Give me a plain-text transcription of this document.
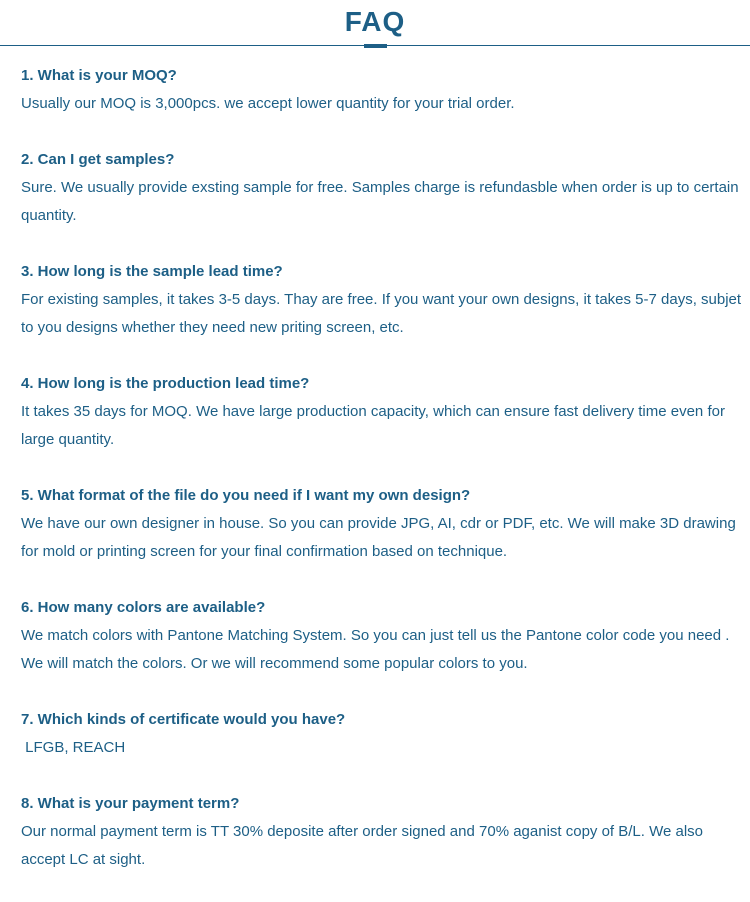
FAQ
1. What is your MOQ?
Usually our MOQ is 3,000pcs. we accept lower quantity for your trial order.
2. Can I get samples?
Sure. We usually provide exsting sample for free. Samples charge is refundasble when order is up to certain quantity.
3. How long is the sample lead time?
For existing samples, it takes 3-5 days. Thay are free. If you want your own designs, it takes 5-7 days, subjet to you designs whether they need new priting screen, etc.
4. How long is the production lead time?
It takes 35 days for MOQ. We have large production capacity, which can ensure fast delivery time even for large quantity.
5. What format of the file do you need if I want my own design?
We have our own designer in house. So you can provide JPG, AI, cdr or PDF, etc. We will make 3D drawing for mold or printing screen for your final confirmation based on technique.
6. How many colors are available?
We match colors with Pantone Matching System. So you can just tell us the Pantone color code you need . We will match the colors. Or we will recommend some popular colors to you.
7. Which kinds of certificate would you have?
LFGB, REACH
8. What is your payment term?
Our normal payment term is TT 30% deposite after order signed and 70% aganist copy of B/L. We also accept LC at sight.
